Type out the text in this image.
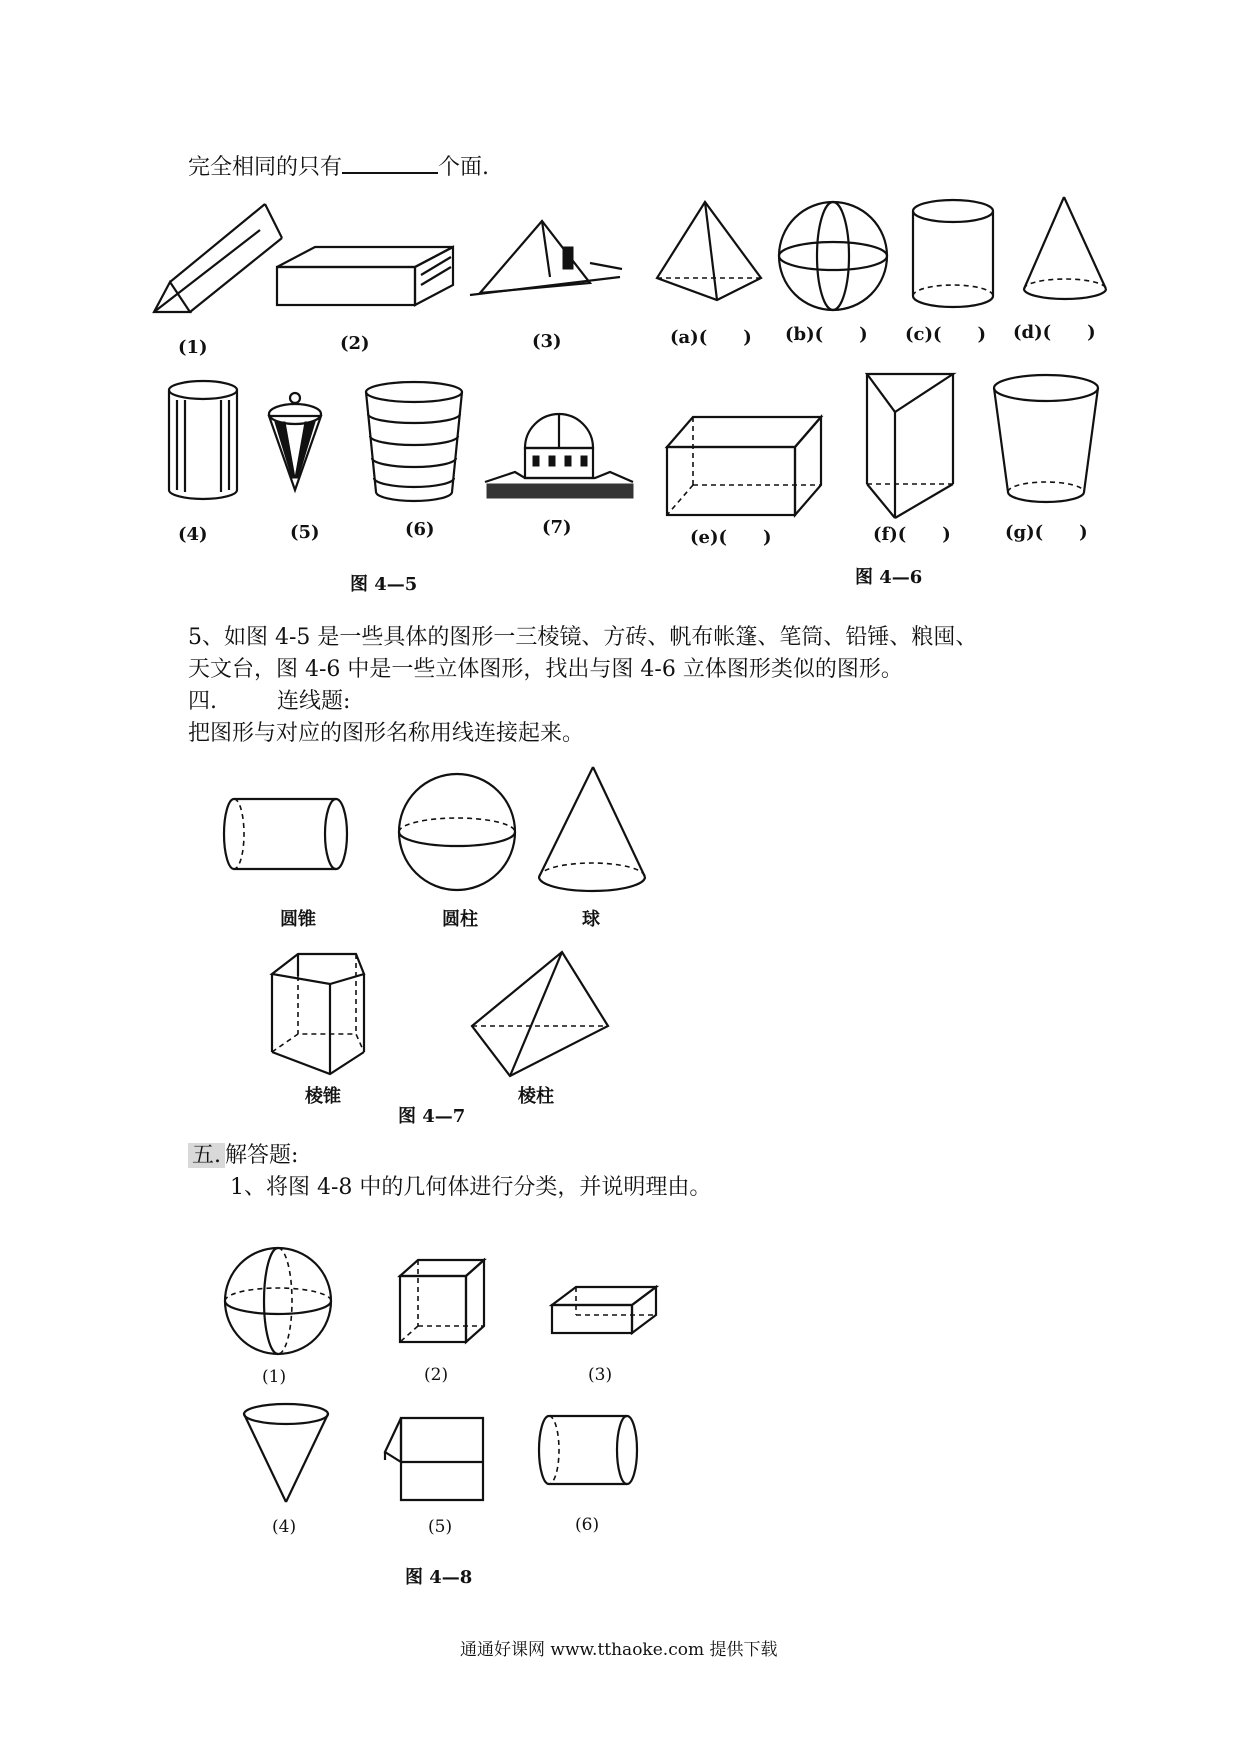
完全相同的只有	个面.
(1)	(2)	(3)	(a)(　　) (b)(　　) (c)(　　) (d)(　　)
(4)	(5)	(6)	(7)	(e)(　　)	(f)(　　)	(g)(　　)
图 4—5	图 4—6
5、如图 4-5 是一些具体的图形一三棱镜、方砖、帆布帐篷、笔筒、铅锤、粮囤、
天文台，图 4-6 中是一些立体图形，找出与图 4-6 立体图形类似的图形。
四.	连线题:
把图形与对应的图形名称用线连接起来。
圆锥	圆柱	球
棱锥	棱柱
图 4—7
五. 解答题:
1、将图 4-8 中的几何体进行分类，并说明理由。
(1)	(2)	(3)
(4)	(5)	(6)
图 4—8
通通好课网 www.tthaoke.com 提供下载
